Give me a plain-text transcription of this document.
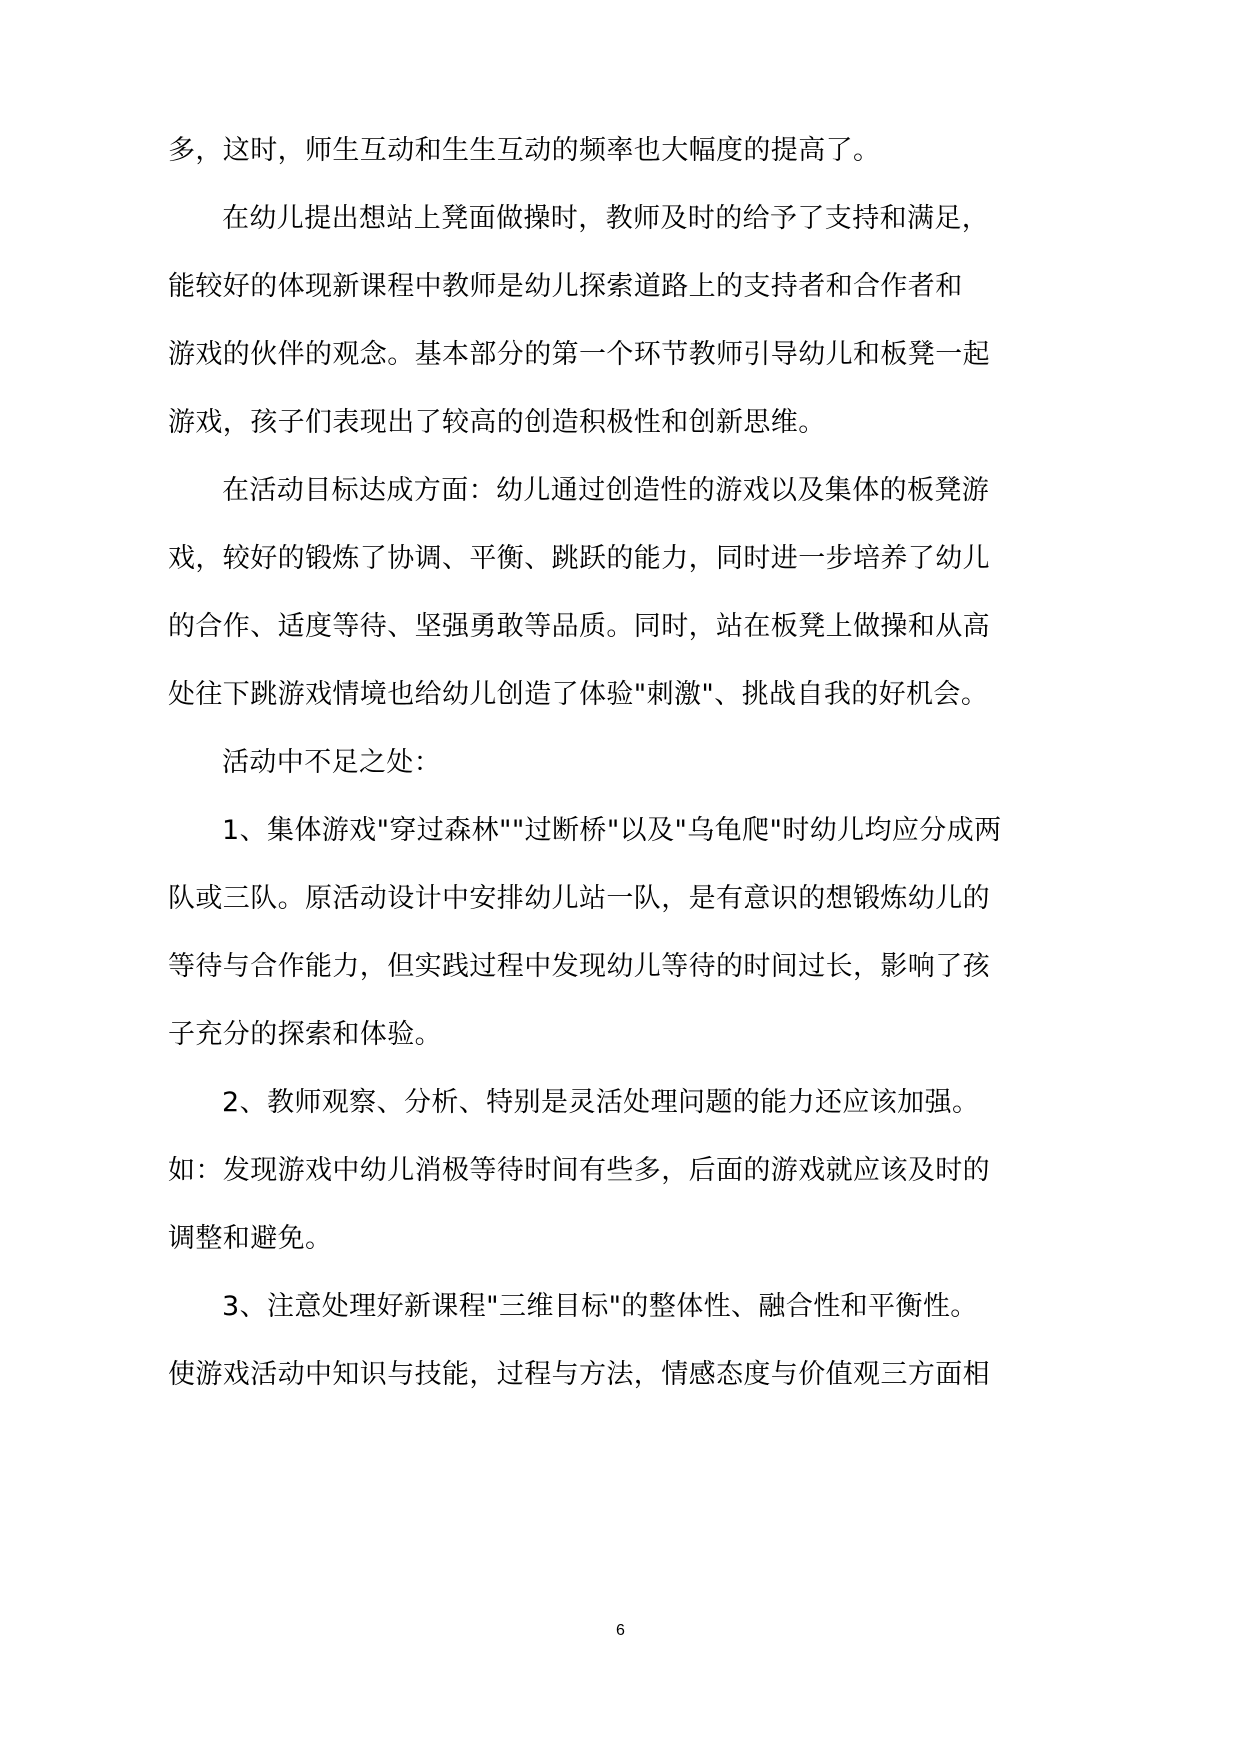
多，这时，师生互动和生生互动的频率也大幅度的提高了。
在幼儿提出想站上凳面做操时，教师及时的给予了支持和满足，
能较好的体现新课程中教师是幼儿探索道路上的支持者和合作者和
游戏的伙伴的观念。基本部分的第一个环节教师引导幼儿和板凳一起
游戏，孩子们表现出了较高的创造积极性和创新思维。
在活动目标达成方面：幼儿通过创造性的游戏以及集体的板凳游
戏，较好的锻炼了协调、平衡、跳跃的能力，同时进一步培养了幼儿
的合作、适度等待、坚强勇敢等品质。同时，站在板凳上做操和从高
处往下跳游戏情境也给幼儿创造了体验"刺激"、挑战自我的好机会。
活动中不足之处：
1、集体游戏"穿过森林""过断桥"以及"乌龟爬"时幼儿均应分成两
队或三队。原活动设计中安排幼儿站一队，是有意识的想锻炼幼儿的
等待与合作能力，但实践过程中发现幼儿等待的时间过长，影响了孩
子充分的探索和体验。
2、教师观察、分析、特别是灵活处理问题的能力还应该加强。
如：发现游戏中幼儿消极等待时间有些多，后面的游戏就应该及时的
调整和避免。
3、注意处理好新课程"三维目标"的整体性、融合性和平衡性。
使游戏活动中知识与技能，过程与方法，情感态度与价值观三方面相
6
